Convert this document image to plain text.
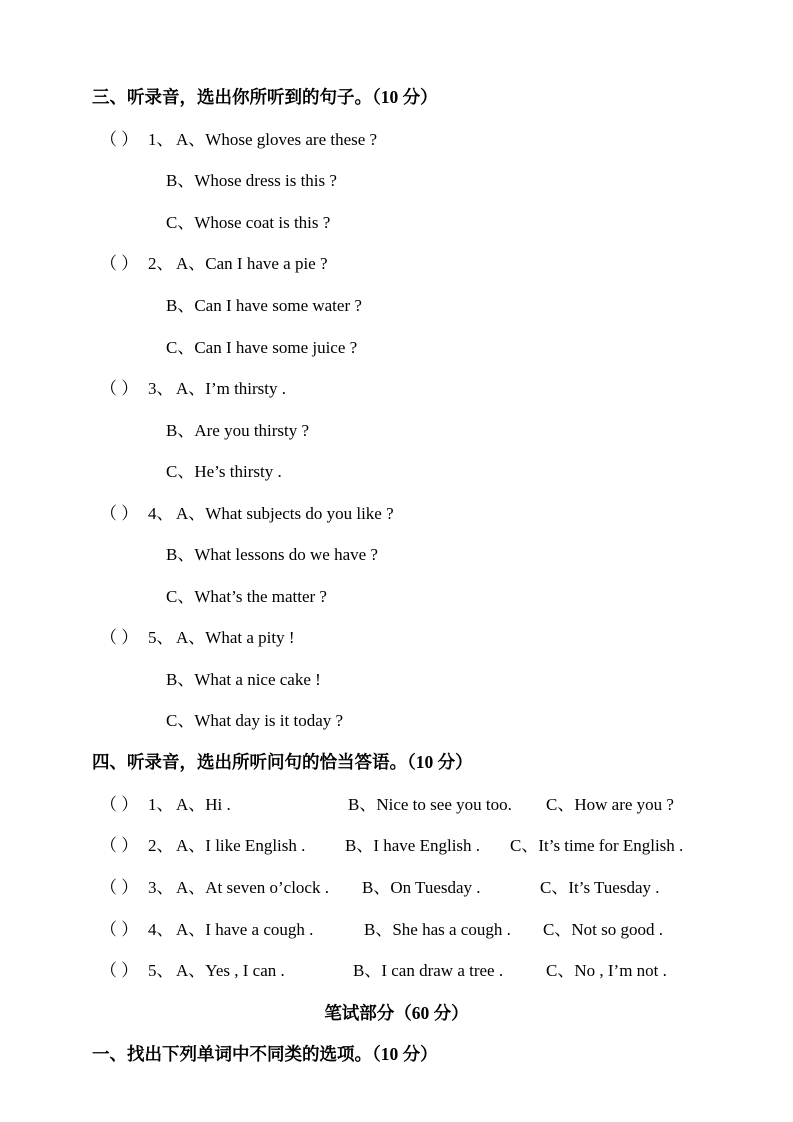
三、听录音，选出你所听到的句子。（10 分）
（ ） 1、 A、Whose gloves are these ?
B、Whose dress is this ?
C、Whose coat is this ?
（ ） 2、 A、Can I have a pie ?
B、Can I have some water ?
C、Can I have some juice ?
（ ） 3、 A、I’m thirsty .
B、Are you thirsty ?
C、He’s thirsty .
（ ） 4、 A、What subjects do you like ?
B、What lessons do we have ?
C、What’s the matter ?
（ ） 5、 A、What a pity !
B、What a nice cake !
C、What day is it today ?
四、听录音，选出所听问句的恰当答语。（10 分）
（ ） 1、 A、Hi .	B、Nice to see you too. C、How are you ?
（ ） 2、 A、I like English . B、I have English . C、It’s time for English .
（ ） 3、 A、At seven o’clock . B、On Tuesday .	C、It’s Tuesday .
（ ） 4、 A、I have a cough .	B、She has a cough . C、Not so good .
（ ） 5、 A、Yes , I can .	B、I can draw a tree .	C、No , I’m not .
笔试部分（60 分）
一、找出下列单词中不同类的选项。（10 分）
